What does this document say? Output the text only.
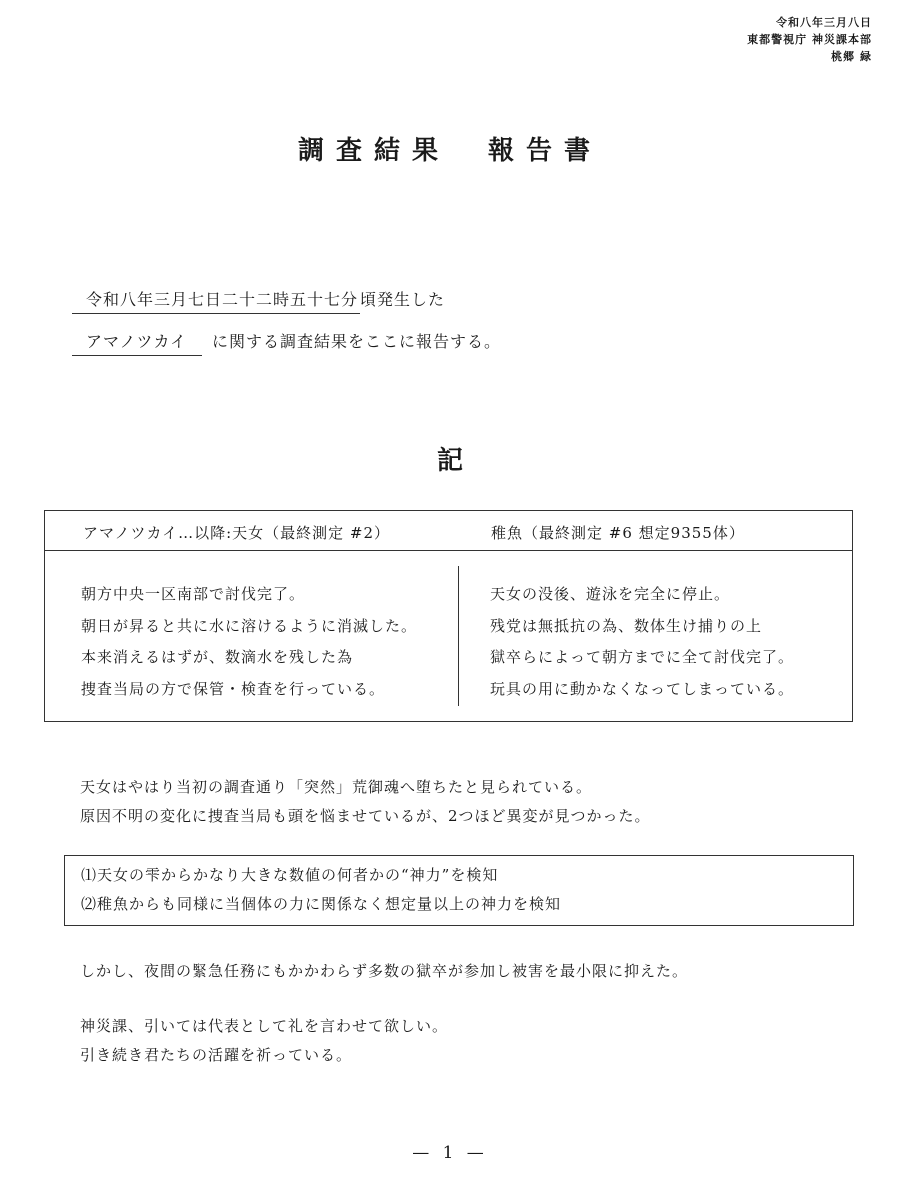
令和八年三月八日
東都警視庁 神災課本部
桃郷 緑
調査結果　報告書
令和八年三月七日二十二時五十七分 頃発生した
アマノツカイ に関する調査結果をここに報告する。
記
アマノツカイ…以降:天女（最終測定 #2）	稚魚（最終測定 #6 想定9355体）
朝方中央一区南部で討伐完了。
朝日が昇ると共に水に溶けるように消滅した。
本来消えるはずが、数滴水を残した為
捜査当局の方で保管・検査を行っている。
天女の没後、遊泳を完全に停止。
残党は無抵抗の為、数体生け捕りの上
獄卒らによって朝方までに全て討伐完了。
玩具の用に動かなくなってしまっている。
天女はやはり当初の調査通り「突然」荒御魂へ堕ちたと見られている。
原因不明の変化に捜査当局も頭を悩ませているが、2つほど異変が見つかった。
⑴天女の雫からかなり大きな数値の何者かの“神力”を検知
⑵稚魚からも同様に当個体の力に関係なく想定量以上の神力を検知
しかし、夜間の緊急任務にもかかわらず多数の獄卒が参加し被害を最小限に抑えた。
神災課、引いては代表として礼を言わせて欲しい。
引き続き君たちの活躍を祈っている。
— 1 —
